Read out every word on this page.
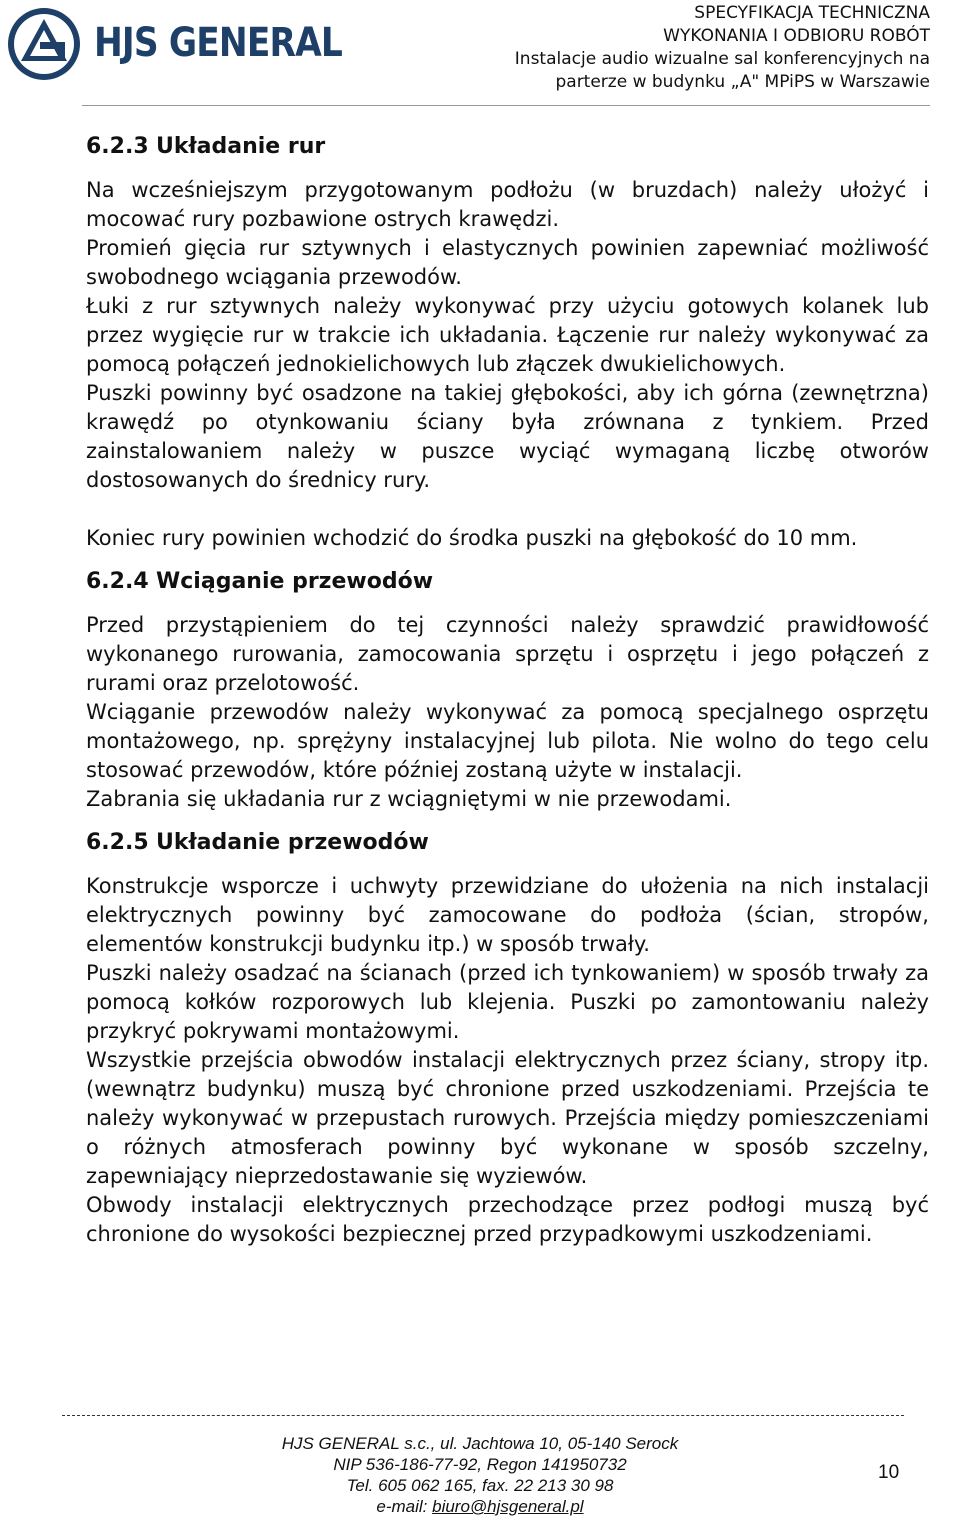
HJS GENERAL
SPECYFIKACJA TECHNICZNA
WYKONANIA I ODBIORU ROBÓT
Instalacje audio wizualne sal konferencyjnych na
parterze w budynku „A" MPiPS w Warszawie
6.2.3 Układanie rur

Na wcześniejszym przygotowanym podłożu (w bruzdach) należy ułożyć i mocować rury pozbawione ostrych krawędzi.

Promień gięcia rur sztywnych i elastycznych powinien zapewniać możliwość swobodnego wciągania przewodów.

Łuki z rur sztywnych należy wykonywać przy użyciu gotowych kolanek lub przez wygięcie rur w trakcie ich układania. Łączenie rur należy wykonywać za pomocą połączeń jednokielichowych lub złączek dwukielichowych.

Puszki powinny być osadzone na takiej głębokości, aby ich górna (zewnętrzna) krawędź po otynkowaniu ściany była zrównana z tynkiem. Przed zainstalowaniem należy w puszce wyciąć wymaganą liczbę otworów dostosowanych do średnicy rury.

Koniec rury powinien wchodzić do środka puszki na głębokość do 10 mm.

6.2.4 Wciąganie przewodów

Przed przystąpieniem do tej czynności należy sprawdzić prawidłowość wykonanego rurowania, zamocowania sprzętu i osprzętu i jego połączeń z rurami oraz przelotowość.

Wciąganie przewodów należy wykonywać za pomocą specjalnego osprzętu montażowego, np. sprężyny instalacyjnej lub pilota. Nie wolno do tego celu stosować przewodów, które później zostaną użyte w instalacji.

Zabrania się układania rur z wciągniętymi w nie przewodami.

6.2.5 Układanie przewodów

Konstrukcje wsporcze i uchwyty przewidziane do ułożenia na nich instalacji elektrycznych powinny być zamocowane do podłoża (ścian, stropów, elementów konstrukcji budynku itp.) w sposób trwały.

Puszki należy osadzać na ścianach (przed ich tynkowaniem) w sposób trwały za pomocą kołków rozporowych lub klejenia. Puszki po zamontowaniu należy przykryć pokrywami montażowymi.

Wszystkie przejścia obwodów instalacji elektrycznych przez ściany, stropy itp. (wewnątrz budynku) muszą być chronione przed uszkodzeniami. Przejścia te należy wykonywać w przepustach rurowych. Przejścia między pomieszczeniami o różnych atmosferach powinny być wykonane w sposób szczelny, zapewniający nieprzedostawanie się wyziewów.

Obwody instalacji elektrycznych przechodzące przez podłogi muszą być chronione do wysokości bezpiecznej przed przypadkowymi uszkodzeniami.

HJS GENERAL s.c., ul. Jachtowa 10, 05-140 Serock
NIP 536-186-77-92, Regon 141950732
Tel. 605 062 165, fax. 22 213 30 98
e-mail: biuro@hjsgeneral.pl
10
